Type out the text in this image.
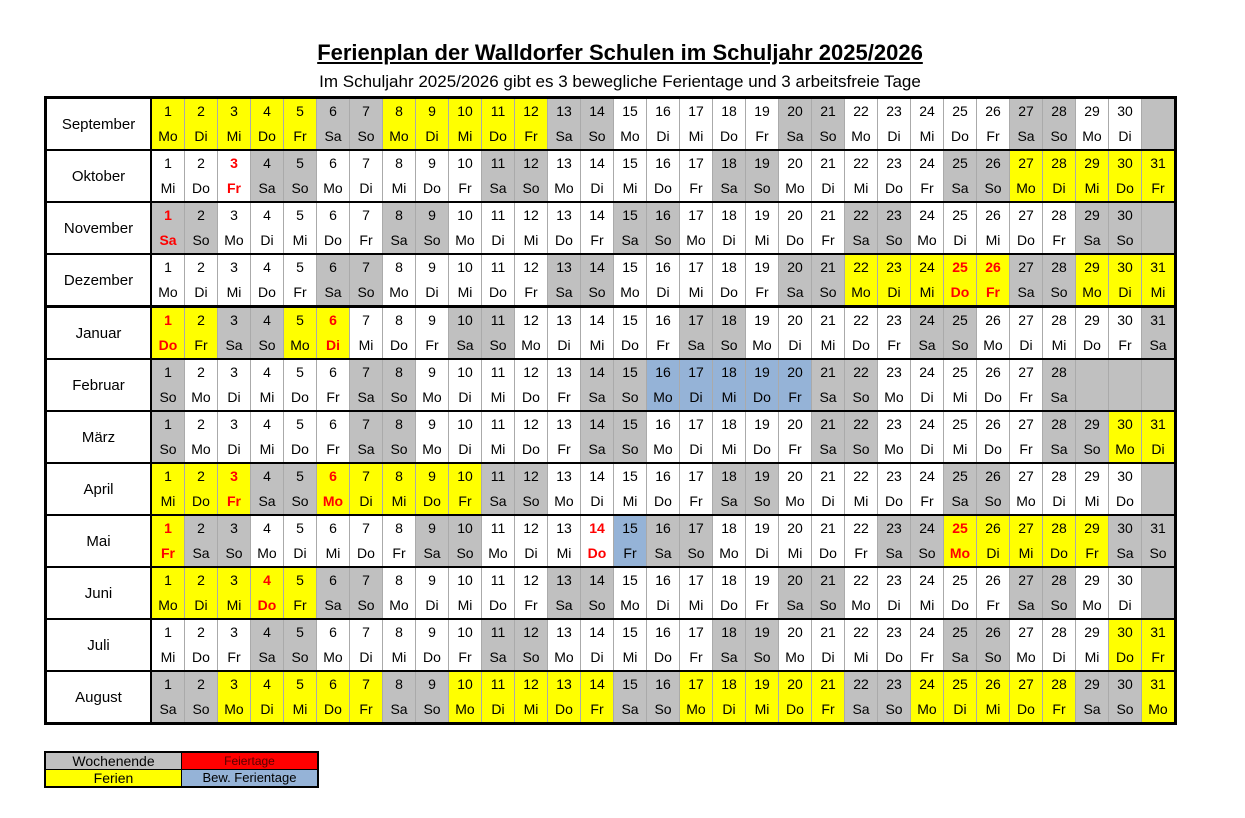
Ferienplan der Walldorfer Schulen im Schuljahr 2025/2026
Im Schuljahr 2025/2026 gibt es 3 bewegliche Ferientage und 3 arbeitsfreie Tage
September	1	2	3	4	5	6	7	8	9	10	11	12	13	14	15	16	17	18	19	20	21	22	23	24	25	26	27	28	29	30	
	Mo	Di	Mi	Do	Fr	Sa	So	Mo	Di	Mi	Do	Fr	Sa	So	Mo	Di	Mi	Do	Fr	Sa	So	Mo	Di	Mi	Do	Fr	Sa	So	Mo	Di	
Oktober	1	2	3	4	5	6	7	8	9	10	11	12	13	14	15	16	17	18	19	20	21	22	23	24	25	26	27	28	29	30	31
	Mi	Do	Fr	Sa	So	Mo	Di	Mi	Do	Fr	Sa	So	Mo	Di	Mi	Do	Fr	Sa	So	Mo	Di	Mi	Do	Fr	Sa	So	Mo	Di	Mi	Do	Fr
November	1	2	3	4	5	6	7	8	9	10	11	12	13	14	15	16	17	18	19	20	21	22	23	24	25	26	27	28	29	30	
	Sa	So	Mo	Di	Mi	Do	Fr	Sa	So	Mo	Di	Mi	Do	Fr	Sa	So	Mo	Di	Mi	Do	Fr	Sa	So	Mo	Di	Mi	Do	Fr	Sa	So	
Dezember	1	2	3	4	5	6	7	8	9	10	11	12	13	14	15	16	17	18	19	20	21	22	23	24	25	26	27	28	29	30	31
	Mo	Di	Mi	Do	Fr	Sa	So	Mo	Di	Mi	Do	Fr	Sa	So	Mo	Di	Mi	Do	Fr	Sa	So	Mo	Di	Mi	Do	Fr	Sa	So	Mo	Di	Mi
Januar	1	2	3	4	5	6	7	8	9	10	11	12	13	14	15	16	17	18	19	20	21	22	23	24	25	26	27	28	29	30	31
	Do	Fr	Sa	So	Mo	Di	Mi	Do	Fr	Sa	So	Mo	Di	Mi	Do	Fr	Sa	So	Mo	Di	Mi	Do	Fr	Sa	So	Mo	Di	Mi	Do	Fr	Sa
Februar	1	2	3	4	5	6	7	8	9	10	11	12	13	14	15	16	17	18	19	20	21	22	23	24	25	26	27	28			
	So	Mo	Di	Mi	Do	Fr	Sa	So	Mo	Di	Mi	Do	Fr	Sa	So	Mo	Di	Mi	Do	Fr	Sa	So	Mo	Di	Mi	Do	Fr	Sa			
März	1	2	3	4	5	6	7	8	9	10	11	12	13	14	15	16	17	18	19	20	21	22	23	24	25	26	27	28	29	30	31
	So	Mo	Di	Mi	Do	Fr	Sa	So	Mo	Di	Mi	Do	Fr	Sa	So	Mo	Di	Mi	Do	Fr	Sa	So	Mo	Di	Mi	Do	Fr	Sa	So	Mo	Di
April	1	2	3	4	5	6	7	8	9	10	11	12	13	14	15	16	17	18	19	20	21	22	23	24	25	26	27	28	29	30	
	Mi	Do	Fr	Sa	So	Mo	Di	Mi	Do	Fr	Sa	So	Mo	Di	Mi	Do	Fr	Sa	So	Mo	Di	Mi	Do	Fr	Sa	So	Mo	Di	Mi	Do	
Mai	1	2	3	4	5	6	7	8	9	10	11	12	13	14	15	16	17	18	19	20	21	22	23	24	25	26	27	28	29	30	31
	Fr	Sa	So	Mo	Di	Mi	Do	Fr	Sa	So	Mo	Di	Mi	Do	Fr	Sa	So	Mo	Di	Mi	Do	Fr	Sa	So	Mo	Di	Mi	Do	Fr	Sa	So
Juni	1	2	3	4	5	6	7	8	9	10	11	12	13	14	15	16	17	18	19	20	21	22	23	24	25	26	27	28	29	30	
	Mo	Di	Mi	Do	Fr	Sa	So	Mo	Di	Mi	Do	Fr	Sa	So	Mo	Di	Mi	Do	Fr	Sa	So	Mo	Di	Mi	Do	Fr	Sa	So	Mo	Di	
Juli	1	2	3	4	5	6	7	8	9	10	11	12	13	14	15	16	17	18	19	20	21	22	23	24	25	26	27	28	29	30	31
	Mi	Do	Fr	Sa	So	Mo	Di	Mi	Do	Fr	Sa	So	Mo	Di	Mi	Do	Fr	Sa	So	Mo	Di	Mi	Do	Fr	Sa	So	Mo	Di	Mi	Do	Fr
August	1	2	3	4	5	6	7	8	9	10	11	12	13	14	15	16	17	18	19	20	21	22	23	24	25	26	27	28	29	30	31
	Sa	So	Mo	Di	Mi	Do	Fr	Sa	So	Mo	Di	Mi	Do	Fr	Sa	So	Mo	Di	Mi	Do	Fr	Sa	So	Mo	Di	Mi	Do	Fr	Sa	So	Mo
Wochenende	Feiertage
Ferien	Bew. Ferientage
